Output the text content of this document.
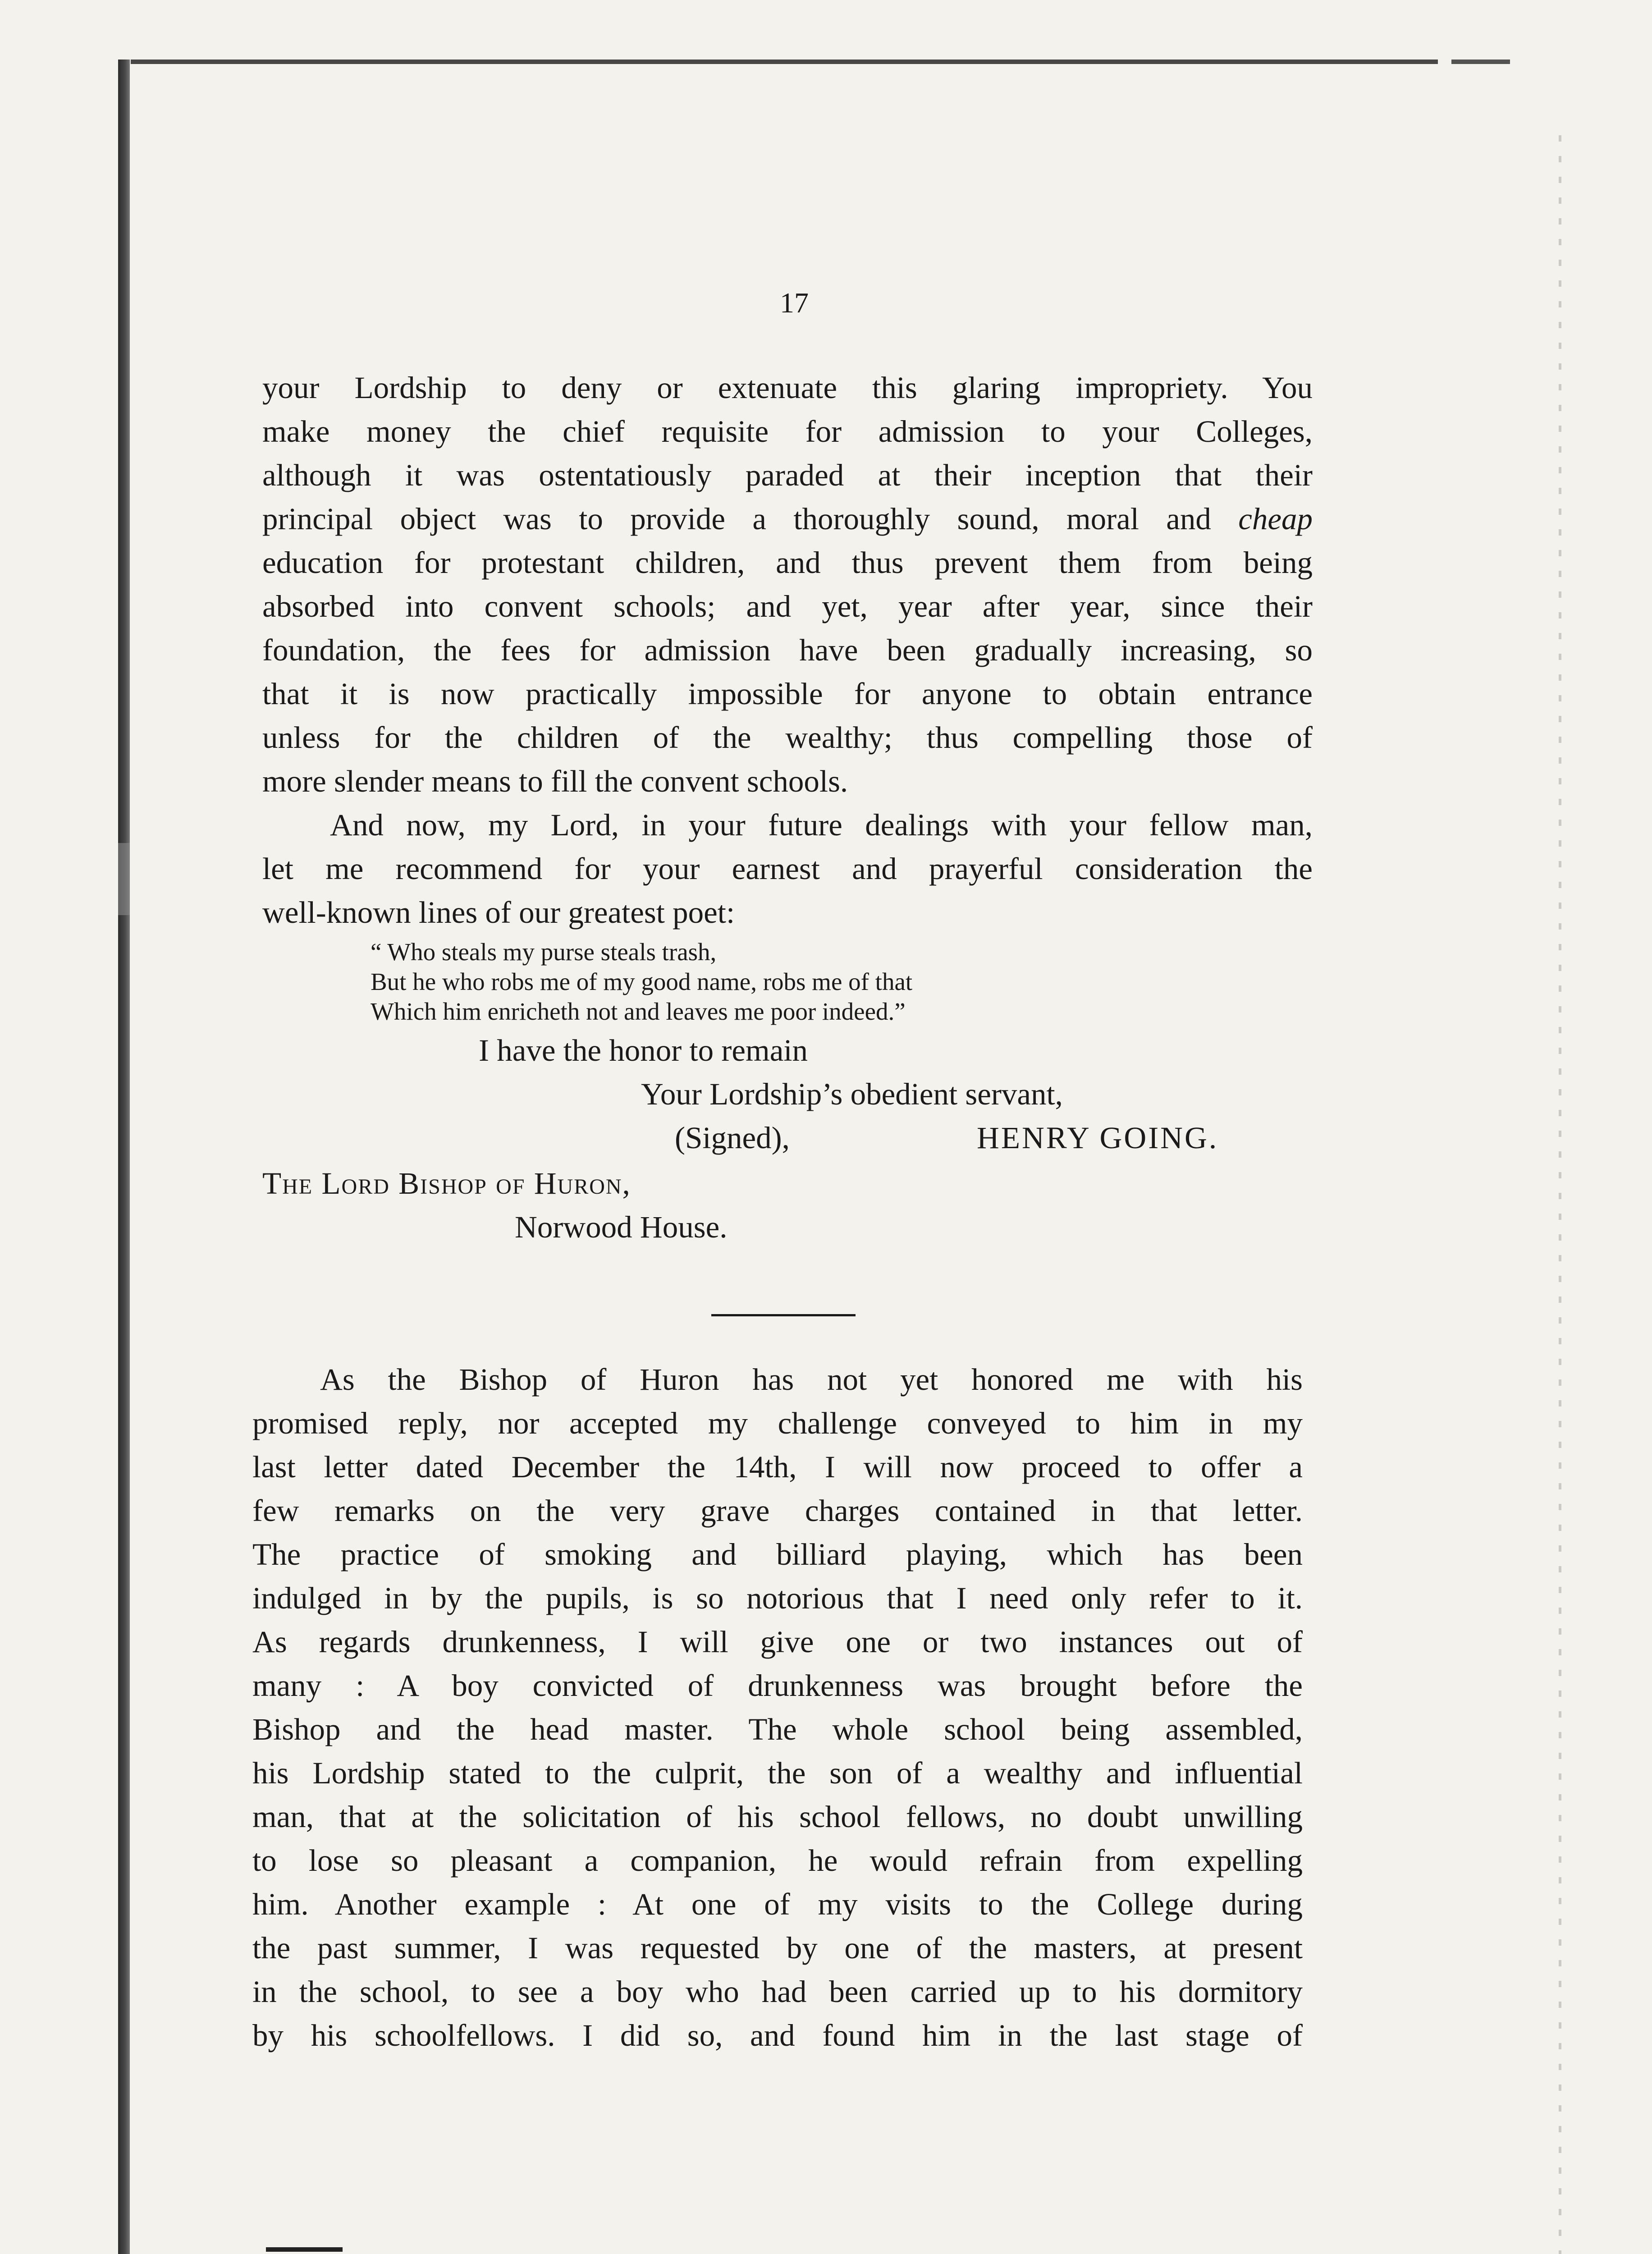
17

your Lordship to deny or extenuate this glaring impropriety. You
make money the chief requisite for admission to your Colleges,
although it was ostentatiously paraded at their inception that their
principal object was to provide a thoroughly sound, moral and cheap
education for protestant children, and thus prevent them from being
absorbed into convent schools; and yet, year after year, since their
foundation, the fees for admission have been gradually increasing, so
that it is now practically impossible for anyone to obtain entrance
unless for the children of the wealthy; thus compelling those of
more slender means to fill the convent schools.
And now, my Lord, in your future dealings with your fellow man,
let me recommend for your earnest and prayerful consideration the
well-known lines of our greatest poet:
“ Who steals my purse steals trash,
But he who robs me of my good name, robs me of that
Which him enricheth not and leaves me poor indeed.”
I have the honor to remain
Your Lordship’s obedient servant,
(Signed),	HENRY GOING.
The Lord Bishop of Huron,
Norwood House.
As the Bishop of Huron has not yet honored me with his
promised reply, nor accepted my challenge conveyed to him in my
last letter dated December the 14th, I will now proceed to offer a
few remarks on the very grave charges contained in that letter.
The practice of smoking and billiard playing, which has been
indulged in by the pupils, is so notorious that I need only refer to it.
As regards drunkenness, I will give one or two instances out of
many : A boy convicted of drunkenness was brought before the
Bishop and the head master. The whole school being assembled,
his Lordship stated to the culprit, the son of a wealthy and influential
man, that at the solicitation of his school fellows, no doubt unwilling
to lose so pleasant a companion, he would refrain from expelling
him. Another example : At one of my visits to the College during
the past summer, I was requested by one of the masters, at present
in the school, to see a boy who had been carried up to his dormitory
by his schoolfellows. I did so, and found him in the last stage of
